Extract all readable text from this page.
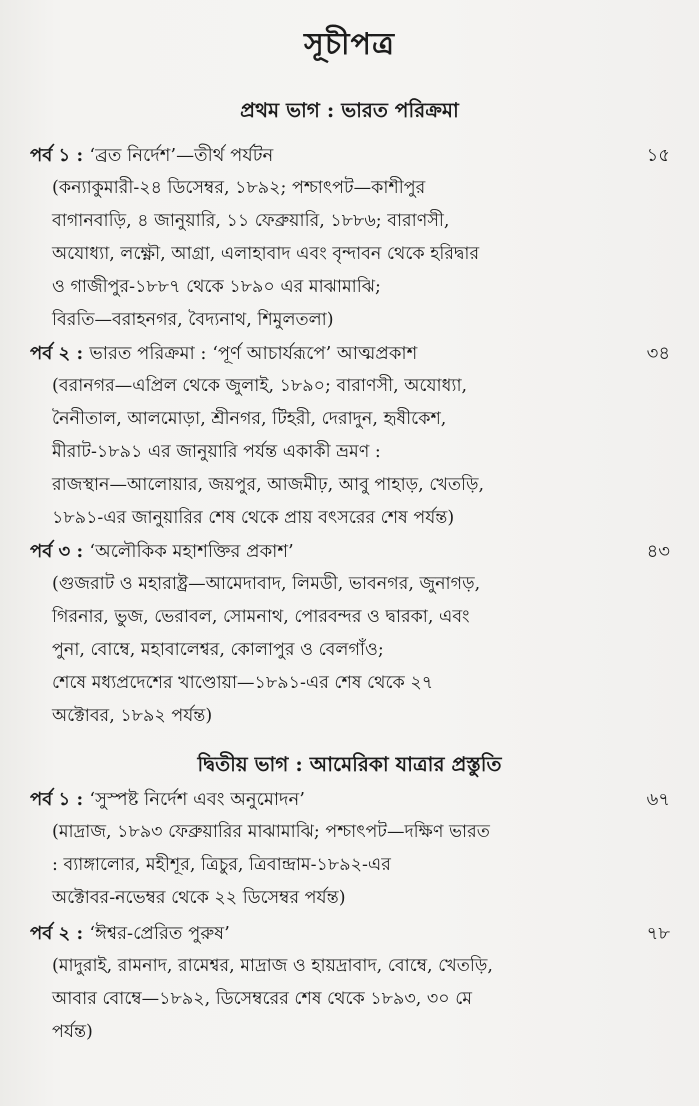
সূচীপত্র
প্রথম ভাগ : ভারত পরিক্রমা
পর্ব ১ : ‘ব্রত নির্দেশ’—তীর্থ পর্যটন	১৫
(কন্যাকুমারী-২৪ ডিসেম্বর, ১৮৯২; পশ্চাৎপট—কাশীপুর
বাগানবাড়ি, ৪ জানুয়ারি, ১১ ফেব্রুয়ারি, ১৮৮৬; বারাণসী,
অযোধ্যা, লক্ষ্ণৌ, আগ্রা, এলাহাবাদ এবং বৃন্দাবন থেকে হরিদ্বার
ও গাজীপুর-১৮৮৭ থেকে ১৮৯০ এর মাঝামাঝি;
বিরতি—বরাহনগর, বৈদ্যনাথ, শিমুলতলা)
পর্ব ২ : ভারত পরিক্রমা : ‘পূর্ণ আচার্যরূপে’ আত্মপ্রকাশ	৩৪
(বরানগর—এপ্রিল থেকে জুলাই, ১৮৯০; বারাণসী, অযোধ্যা,
নৈনীতাল, আলমোড়া, শ্রীনগর, টিহরী, দেরাদুন, হৃষীকেশ,
মীরাট-১৮৯১ এর জানুয়ারি পর্যন্ত একাকী ভ্রমণ :
রাজস্থান—আলোয়ার, জয়পুর, আজমীঢ়, আবু পাহাড়, খেতড়ি,
১৮৯১-এর জানুয়ারির শেষ থেকে প্রায় বৎসরের শেষ পর্যন্ত)
পর্ব ৩ : ‘অলৌকিক মহাশক্তির প্রকাশ’	৪৩
(গুজরাট ও মহারাষ্ট্র—আমেদাবাদ, লিমডী, ভাবনগর, জুনাগড়,
গিরনার, ভুজ, ভেরাবল, সোমনাথ, পোরবন্দর ও দ্বারকা, এবং
পুনা, বোম্বে, মহাবালেশ্বর, কোলাপুর ও বেলগাঁও;
শেষে মধ্যপ্রদেশের খাণ্ডোয়া—১৮৯১-এর শেষ থেকে ২৭
অক্টোবর, ১৮৯২ পর্যন্ত)
দ্বিতীয় ভাগ : আমেরিকা যাত্রার প্রস্তুতি
পর্ব ১ : ‘সুস্পষ্ট নির্দেশ এবং অনুমোদন’	৬৭
(মাদ্রাজ, ১৮৯৩ ফেব্রুয়ারির মাঝামাঝি; পশ্চাৎপট—দক্ষিণ ভারত
: ব্যাঙ্গালোর, মহীশূর, ত্রিচুর, ত্রিবান্দ্রাম-১৮৯২-এর
অক্টোবর-নভেম্বর থেকে ২২ ডিসেম্বর পর্যন্ত)
পর্ব ২ : ‘ঈশ্বর-প্রেরিত পুরুষ’	৭৮
(মাদুরাই, রামনাদ, রামেশ্বর, মাদ্রাজ ও হায়দ্রাবাদ, বোম্বে, খেতড়ি,
আবার বোম্বে—১৮৯২, ডিসেম্বরের শেষ থেকে ১৮৯৩, ৩০ মে
পর্যন্ত)
